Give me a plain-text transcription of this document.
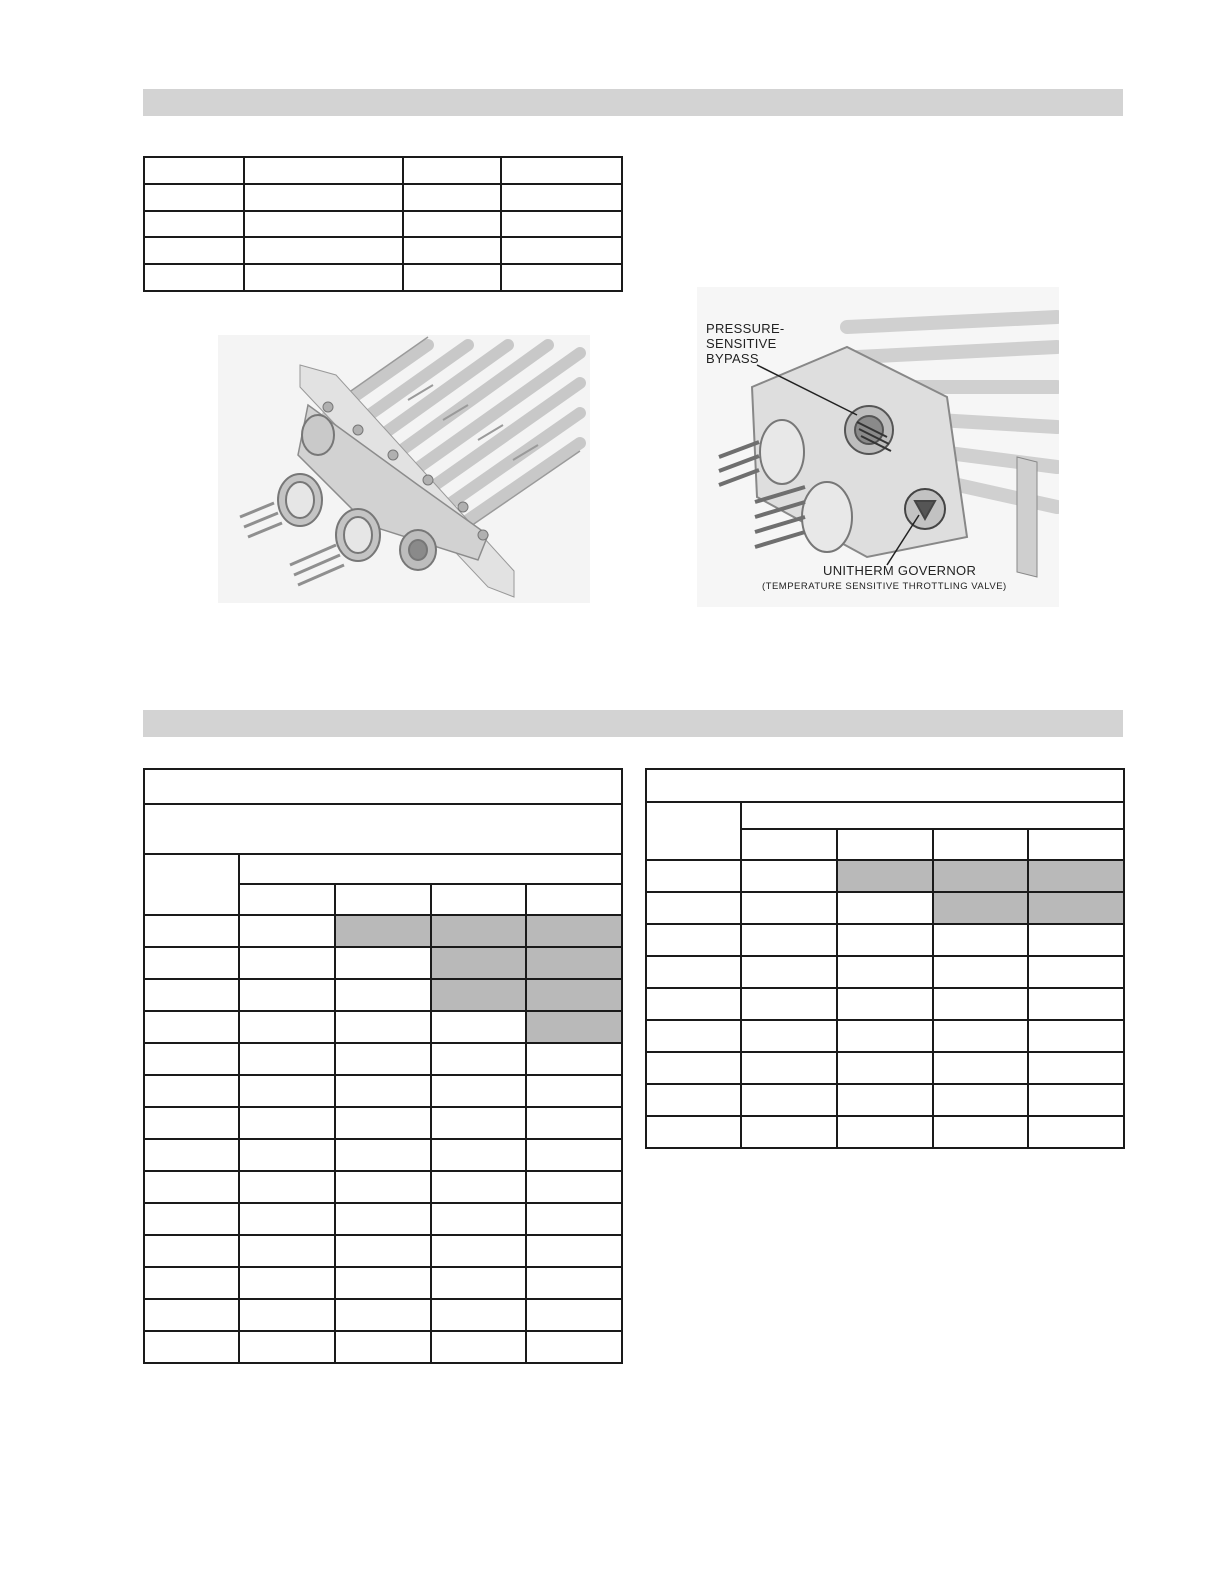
PRESSURE-
SENSITIVE
BYPASS
UNITHERM GOVERNOR
(TEMPERATURE SENSITIVE THROTTLING VALVE)
